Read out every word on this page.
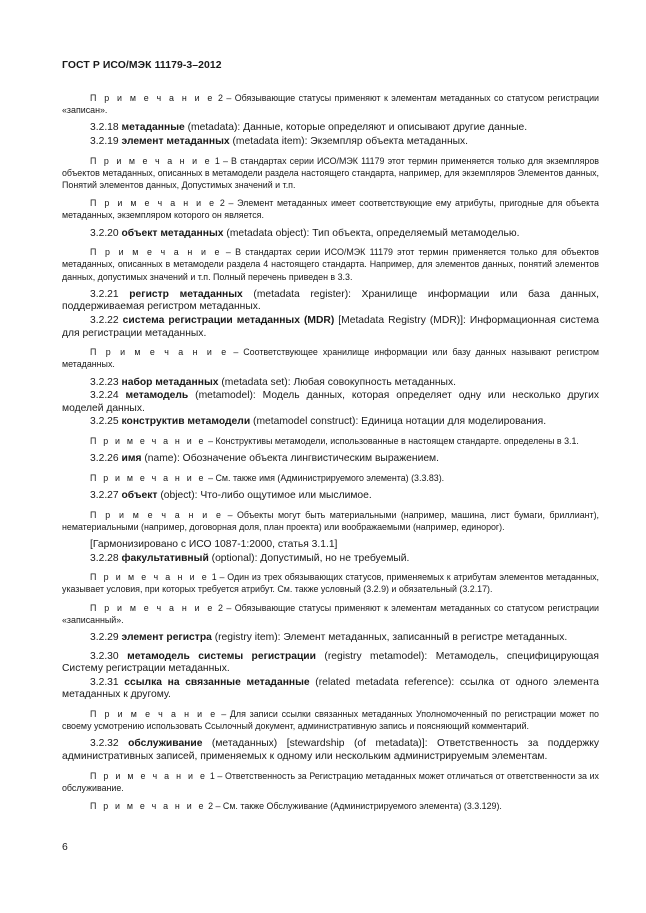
ГОСТ Р ИСО/МЭК 11179-3–2012

П р и м е ч а н и е 2 – Обязывающие статусы применяют к элементам метаданных со статусом регистрации «записан».

3.2.18 метаданные (metadata): Данные, которые определяют и описывают другие данные.

3.2.19 элемент метаданных (metadata item): Экземпляр объекта метаданных.

П р и м е ч а н и е 1 – В стандартах серии ИСО/МЭК 11179 этот термин применяется только для экземпляров объектов метаданных, описанных в метамодели раздела настоящего стандарта, например, для экземпляров Элементов данных, Понятий элементов данных, Допустимых значений и т.п.

П р и м е ч а н и е 2 – Элемент метаданных имеет соответствующие ему атрибуты, пригодные для объекта метаданных, экземпляром которого он является.

3.2.20 объект метаданных (metadata object): Тип объекта, определяемый метамоделью.

П р и м е ч а н и е – В стандартах серии ИСО/МЭК 11179 этот термин применяется только для объектов метаданных, описанных в метамодели раздела 4 настоящего стандарта. Например, для элементов данных, понятий элементов данных, допустимых значений и т.п. Полный перечень приведен в 3.3.

3.2.21 регистр метаданных (metadata register): Хранилище информации или база данных, поддерживаемая регистром метаданных.

3.2.22 система регистрации метаданных (MDR) [Metadata Registry (MDR)]: Информационная система для регистрации метаданных.

П р и м е ч а н и е – Соответствующее хранилище информации или базу данных называют регистром метаданных.

3.2.23 набор метаданных (metadata set): Любая совокупность метаданных.

3.2.24 метамодель (metamodel): Модель данных, которая определяет одну или несколько других моделей данных.

3.2.25 конструктив метамодели (metamodel construct): Единица нотации для моделирования.

П р и м е ч а н и е – Конструктивы метамодели, использованные в настоящем стандарте. определены в 3.1.

3.2.26 имя (name): Обозначение объекта лингвистическим выражением.

П р и м е ч а н и е – См. также имя (Администрируемого элемента) (3.3.83).

3.2.27 объект (object): Что-либо ощутимое или мыслимое.

П р и м е ч а н и е – Объекты могут быть материальными (например, машина, лист бумаги, бриллиант), нематериальными (например, договорная доля, план проекта) или воображаемыми (например, единорог).

[Гармонизировано с ИСО 1087-1:2000, статья 3.1.1]

3.2.28 факультативный (optional): Допустимый, но не требуемый.

П р и м е ч а н и е 1 – Один из трех обязывающих статусов, применяемых к атрибутам элементов метаданных, указывает условия, при которых требуется атрибут. См. также условный (3.2.9) и обязательный (3.2.17).

П р и м е ч а н и е 2 – Обязывающие статусы применяют к элементам метаданных со статусом регистрации «записанный».

3.2.29 элемент регистра (registry item): Элемент метаданных, записанный в регистре метаданных.

3.2.30 метамодель системы регистрации (registry metamodel): Метамодель, специфицирующая Систему регистрации метаданных.

3.2.31 ссылка на связанные метаданные (related metadata reference): ссылка от одного элемента метаданных к другому.

П р и м е ч а н и е – Для записи ссылки связанных метаданных Уполномоченный по регистрации может по своему усмотрению использовать Ссылочный документ, административную запись и поясняющий комментарий.

3.2.32 обслуживание (метаданных) [stewardship (of metadata)]: Ответственность за поддержку административных записей, применяемых к одному или нескольким администрируемым элементам.

П р и м е ч а н и е 1 – Ответственность за Регистрацию метаданных может отличаться от ответственности за их обслуживание.

П р и м е ч а н и е 2 – См. также Обслуживание (Администрируемого элемента) (3.3.129).

6
